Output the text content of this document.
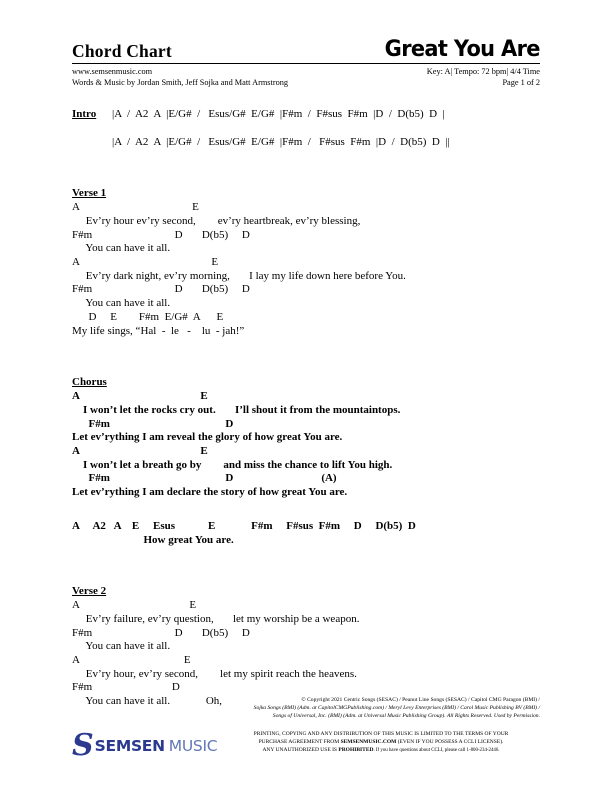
Chord Chart	Great You Are
www.semsenmusic.com
Words & Music by Jordan Smith, Jeff Sojka and Matt Armstrong
Key: A| Tempo: 72 bpm| 4/4 Time
Page 1 of 2
Intro	|A  /  A2  A  |E/G#  /   Esus/G#  E/G#  |F#m  /  F#sus  F#m  |D  /  D(b5)  D  |
|A  /  A2  A  |E/G#  /   Esus/G#  E/G#  |F#m  /   F#sus  F#m  |D  /  D(b5)  D  ||
Verse 1
A                                         E
Ev’ry hour ev’ry second,        ev’ry heartbreak, ev’ry blessing,
F#m                              D       D(b5)     D
You can have it all.
A                                                E
Ev’ry dark night, ev’ry morning,       I lay my life down here before You.
F#m                              D       D(b5)     D
You can have it all.
D     E        F#m  E/G#  A      E
My life sings, “Hal  -  le   -    lu  - jah!”
Chorus
A                                            E
I won’t let the rocks cry out.       I’ll shout it from the mountaintops.
F#m                                          D
Let ev’rything I am reveal the glory of how great You are.
A                                            E
I won’t let a breath go by        and miss the chance to lift You high.
F#m                                          D                                (A)
Let ev’rything I am declare the story of how great You are.
A     A2   A    E     Esus            E             F#m     F#sus  F#m     D     D(b5)  D
How great You are.
Verse 2
A                                        E
Ev’ry failure, ev’ry question,       let my worship be a weapon.
F#m                              D       D(b5)     D
You can have it all.
A                                      E
Ev’ry hour, ev’ry second,        let my spirit reach the heavens.
F#m                             D
You can have it all.             Oh,	© Copyright 2021 Centric Songs (SESAC) / Peanut Line Songs (SESAC) / Capitol CMG Paragon (BMI) /
Sojka Songs (BMI) (Adm. at CapitolCMGPublishing.com) / Meryl Levy Enterprises (BMI) / Carol Music Publishing BV (BMI) /
Songs of Universal, Inc. (BMI) (Adm. at Universal Music Publishing Group). All Rights Reserved. Used by Permission.
S SEMSEN MUSIC
PRINTING, COPYING AND ANY DISTRIBUTION OF THIS MUSIC IS LIMITED TO THE TERMS OF YOUR
PURCHASE AGREEMENT FROM SEMSENMUSIC.COM (EVEN IF YOU POSSESS A CCLI LICENSE).
ANY UNAUTHORIZED USE IS PROHIBITED. If you have questions about CCLI, please call 1-800-234-2446.
